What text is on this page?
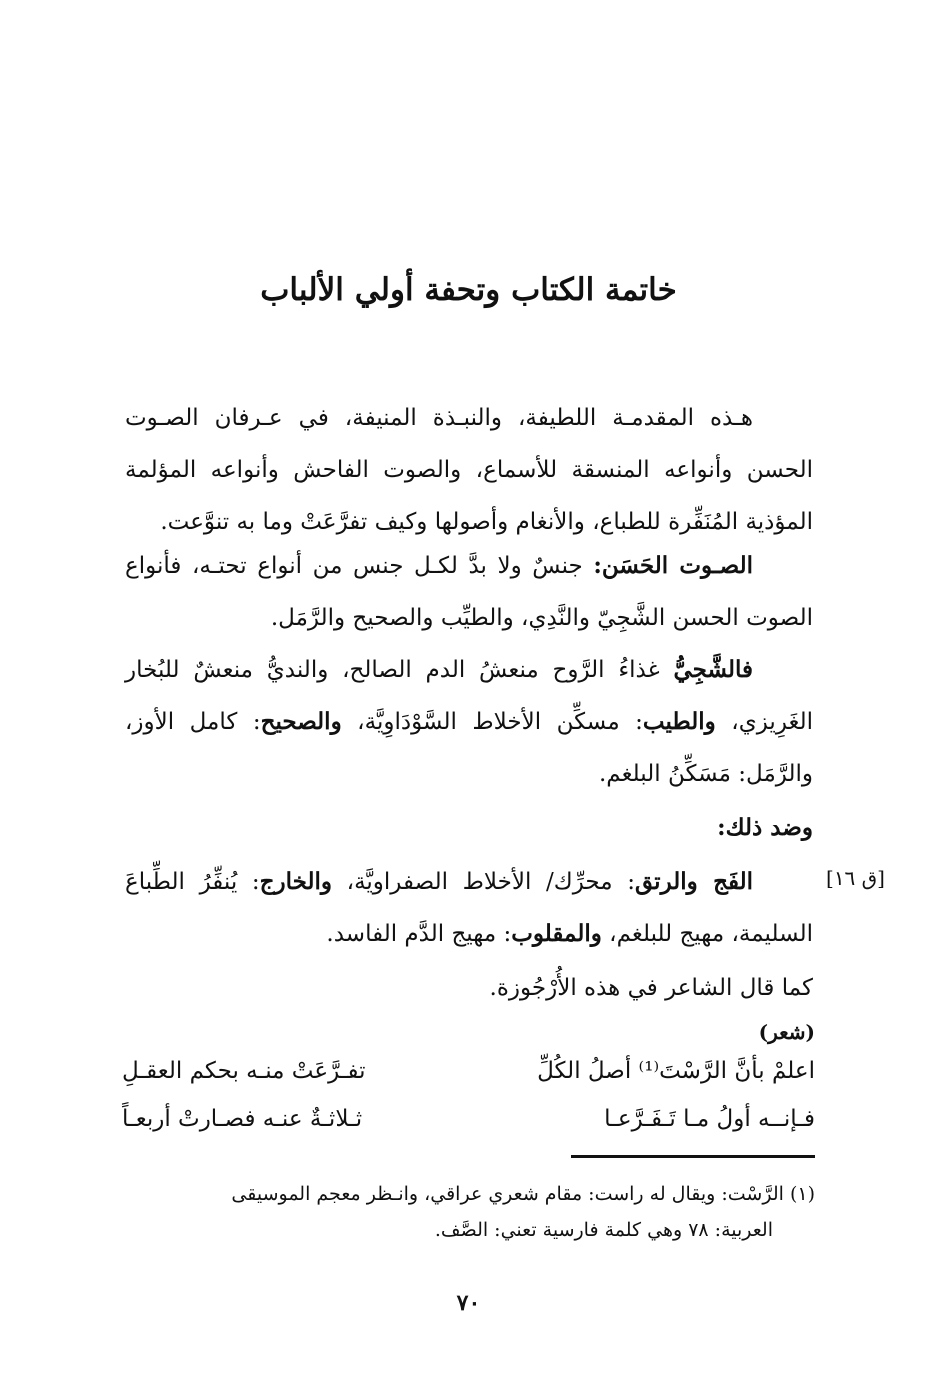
خاتمة الكتاب وتحفة أولي الألباب

هـذه المقدمـة اللطيفة، والنبـذة المنيفة، في عـرفان الصـوت الحسن وأنواعه المنسقة للأسماع، والصوت الفاحش وأنواعه المؤلمة المؤذية المُنَفِّرة للطباع، والأنغام وأصولها وكيف تفرَّعَتْ وما به تنوَّعت.

الصـوت الحَسَن: جنسٌ ولا بدَّ لكـل جنس من أنواع تحتـه، فأنواع الصوت الحسن الشَّجِيّ والنَّدِي، والطيِّب والصحيح والرَّمَل.

فالشَّجِيُّ غذاءُ الرَّوح منعشُ الدم الصالح، والنديُّ منعشٌ للبُخار الغَرِيزي، والطيب: مسكِّن الأخلاط السَّوْدَاوِيَّة، والصحيح: كامل الأوز، والرَّمَل: مَسَكِّنُ البلغم.

وضد ذلك:

[ق ١٦]

الفَج والرتق: محرِّك/ الأخلاط الصفراويَّة، والخارج: يُنفِّرُ الطِّباعَ السليمة، مهيج للبلغم، والمقلوب: مهيج الدَّم الفاسد.

كما قال الشاعر في هذه الأُرْجُوزة.

(شعر)
اعلمْ بأنَّ الرَّسْتَ⁽¹⁾ أصلُ الكُلِّ
تفـرَّعَتْ منـه بحكم العقـلِ
فـإنــه أولُ مـا تَـفَـرَّعـا
ثـلاثـةٌ عنـه فصـارتْ أربعـاً

(١) الرَّسْت: ويقال له راست: مقام شعري عراقي، وانـظر معجم الموسيقى
العربية: ٧٨ وهي كلمة فارسية تعني: الصَّف.

٧٠
